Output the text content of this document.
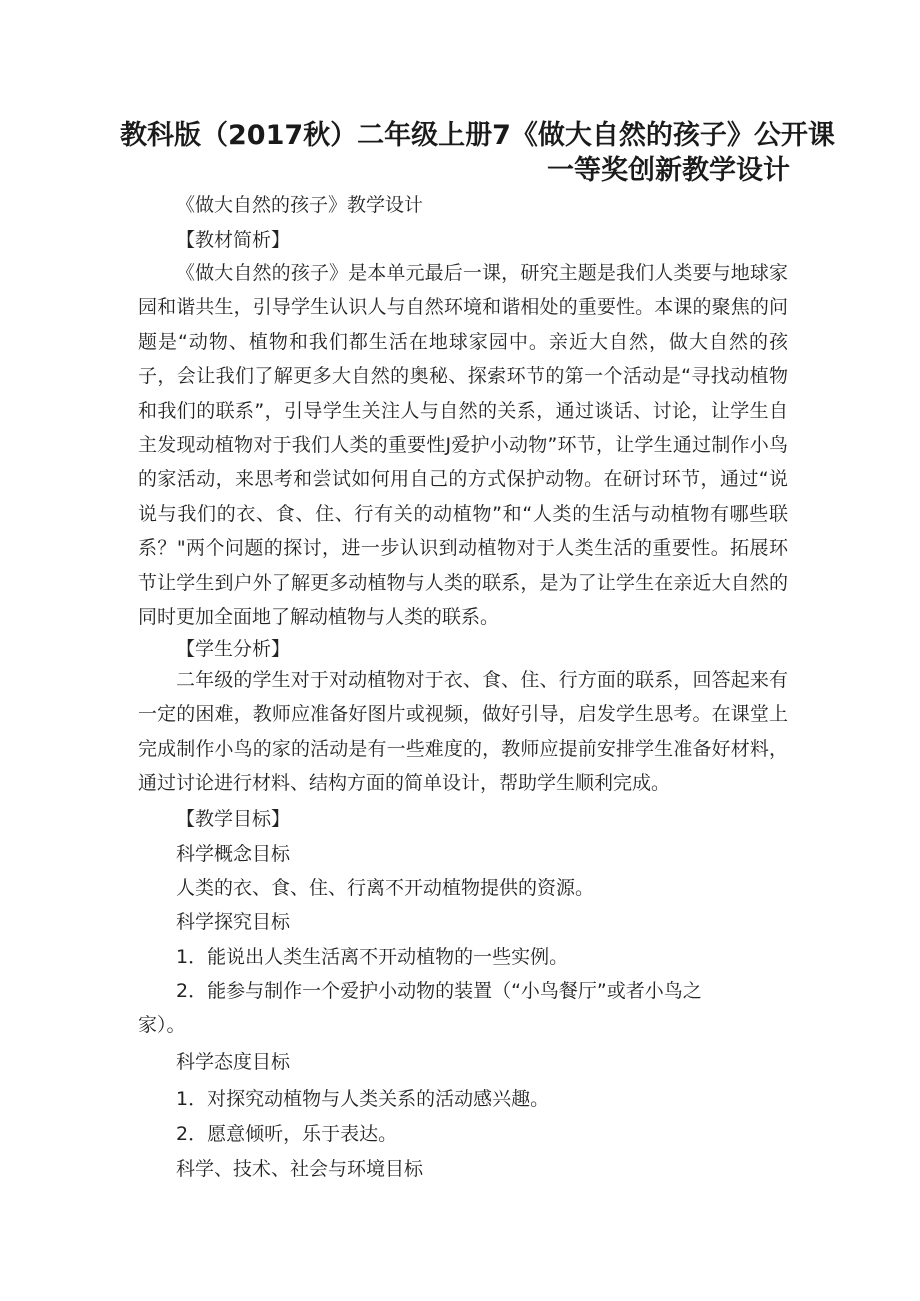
教科版（2017秋）二年级上册7《做大自然的孩子》公开课
一等奖创新教学设计

《做大自然的孩子》教学设计

【教材简析】

《做大自然的孩子》是本单元最后一课，研究主题是我们人类要与地球家园和谐共生，引导学生认识人与自然环境和谐相处的重要性。本课的聚焦的问题是“动物、植物和我们都生活在地球家园中。亲近大自然，做大自然的孩子，会让我们了解更多大自然的奥秘、探索环节的第一个活动是“寻找动植物和我们的联系”，引导学生关注人与自然的关系，通过谈话、讨论，让学生自主发现动植物对于我们人类的重要性J爱护小动物”环节，让学生通过制作小鸟的家活动，来思考和尝试如何用自己的方式保护动物。在研讨环节，通过“说说与我们的衣、食、住、行有关的动植物”和“人类的生活与动植物有哪些联系？"两个问题的探讨，进一步认识到动植物对于人类生活的重要性。拓展环节让学生到户外了解更多动植物与人类的联系，是为了让学生在亲近大自然的同时更加全面地了解动植物与人类的联系。

【学生分析】

二年级的学生对于对动植物对于衣、食、住、行方面的联系，回答起来有一定的困难，教师应准备好图片或视频，做好引导，启发学生思考。在课堂上完成制作小鸟的家的活动是有一些难度的，教师应提前安排学生准备好材料，通过讨论进行材料、结构方面的简单设计，帮助学生顺利完成。

【教学目标】

科学概念目标

人类的衣、食、住、行离不开动植物提供的资源。

科学探究目标

1．能说出人类生活离不开动植物的一些实例。

2．能参与制作一个爱护小动物的装置（“小鸟餐厅”或者小鸟之

家）。

科学态度目标

1．对探究动植物与人类关系的活动感兴趣。

2．愿意倾听，乐于表达。

科学、技术、社会与环境目标
